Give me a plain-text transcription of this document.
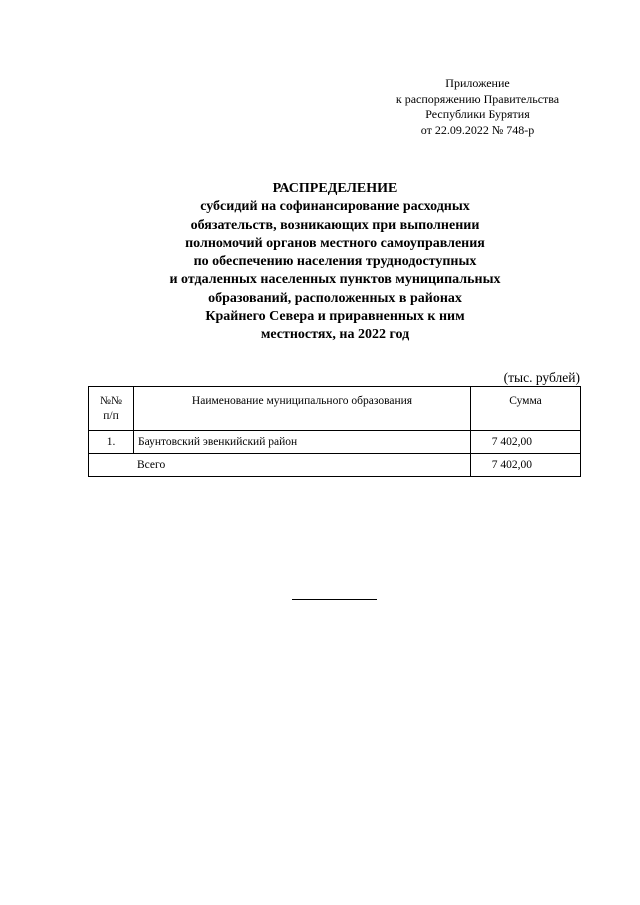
Приложение
к распоряжению Правительства
Республики Бурятия
от 22.09.2022 № 748-р
РАСПРЕДЕЛЕНИЕ
субсидий на софинансирование расходных
обязательств, возникающих при выполнении
полномочий органов местного самоуправления
по обеспечению населения труднодоступных
и отдаленных населенных пунктов муниципальных
образований, расположенных в районах
Крайнего Севера и приравненных к ним
местностях, на 2022 год
(тыс. рублей)
№№
п/п	Наименование муниципального образования	Сумма
1.	Баунтовский эвенкийский район	7 402,00
Всего		7 402,00
